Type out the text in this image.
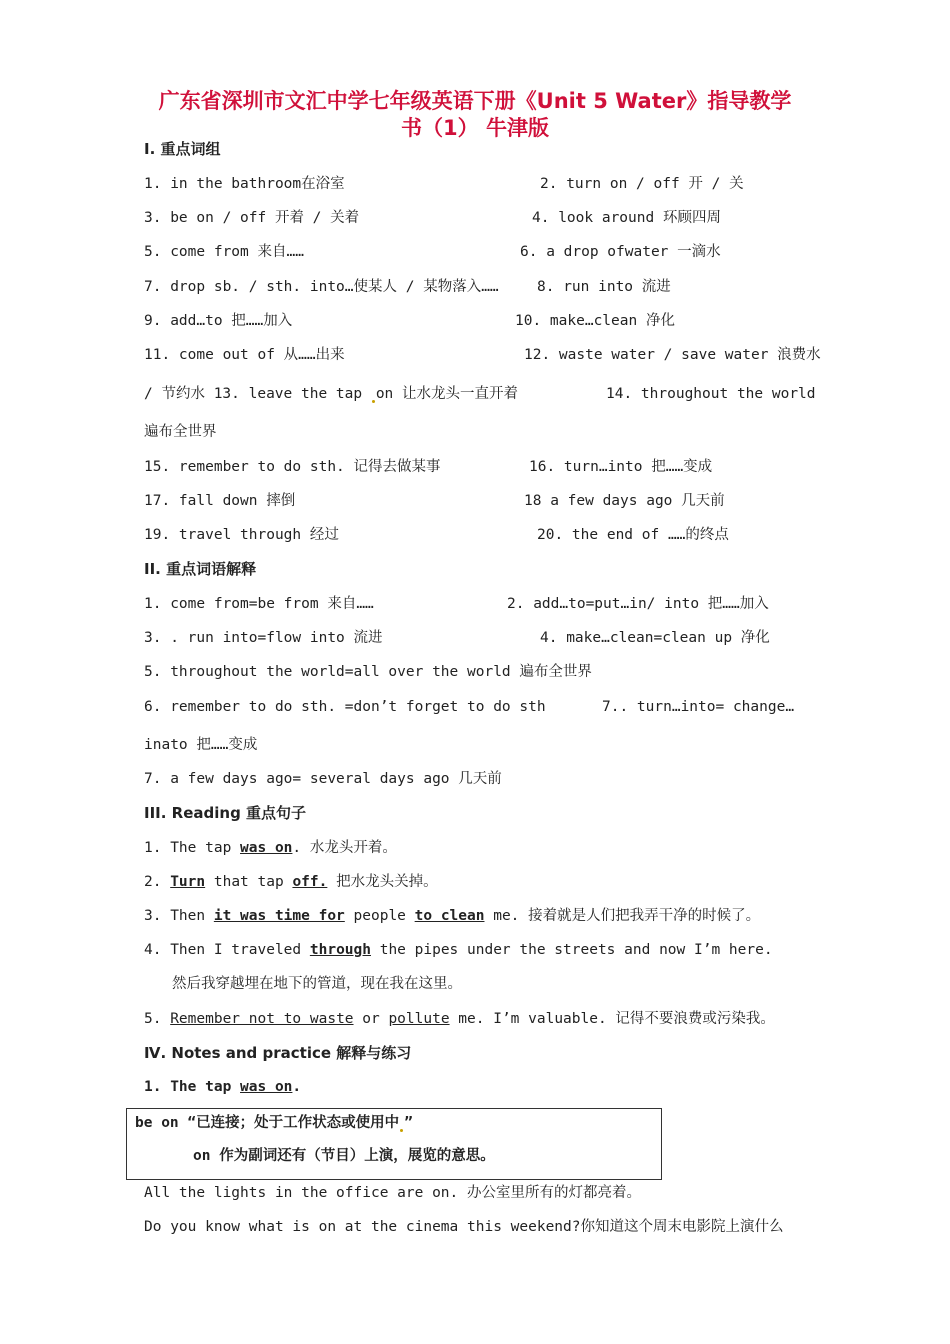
广东省深圳市文汇中学七年级英语下册《Unit 5 Water》指导教学
书（1） 牛津版
I. 重点词组
1. in the bathroom在浴室	2. turn on / off 开 / 关
3. be on / off 开着 / 关着	4. look around 环顾四周
5. come from 来自……	6. a drop ofwater 一滴水
7. drop sb. / sth. into…使某人 / 某物落入……	8. run into 流进
9. add…to 把……加入	10. make…clean 净化
11. come out of 从……出来	12. waste water / save water 浪费水
/ 节约水 13. leave the tap on 让水龙头一直开着	14. throughout the world
遍布全世界
15. remember to do sth. 记得去做某事	16. turn…into 把……变成
17. fall down 摔倒	18 a few days ago 几天前
19. travel through 经过	20. the end of ……的终点
II. 重点词语解释
1. come from=be from 来自……	2. add…to=put…in/ into 把……加入
3. . run into=flow into 流进	4. make…clean=clean up 净化
5. throughout the world=all over the world 遍布全世界
6. remember to do sth. =don’t forget to do sth	7.. turn…into= change…
inato 把……变成
7. a few days ago= several days ago 几天前
III. Reading 重点句子
1. The tap was on. 水龙头开着。
2. Turn that tap off. 把水龙头关掉。
3. Then it was time for people to clean me. 接着就是人们把我弄干净的时候了。
4. Then I traveled through the pipes under the streets and now I’m here.
然后我穿越埋在地下的管道，现在我在这里。
5. Remember not to waste or pollute me. I’m valuable. 记得不要浪费或污染我。
Ⅳ. Notes and practice 解释与练习
1. The tap was on.
be on “已连接；处于工作状态或使用中 ”
on 作为副词还有（节目）上演，展览的意思。
All the lights in the office are on. 办公室里所有的灯都亮着。
Do you know what is on at the cinema this weekend?你知道这个周末电影院上演什么
